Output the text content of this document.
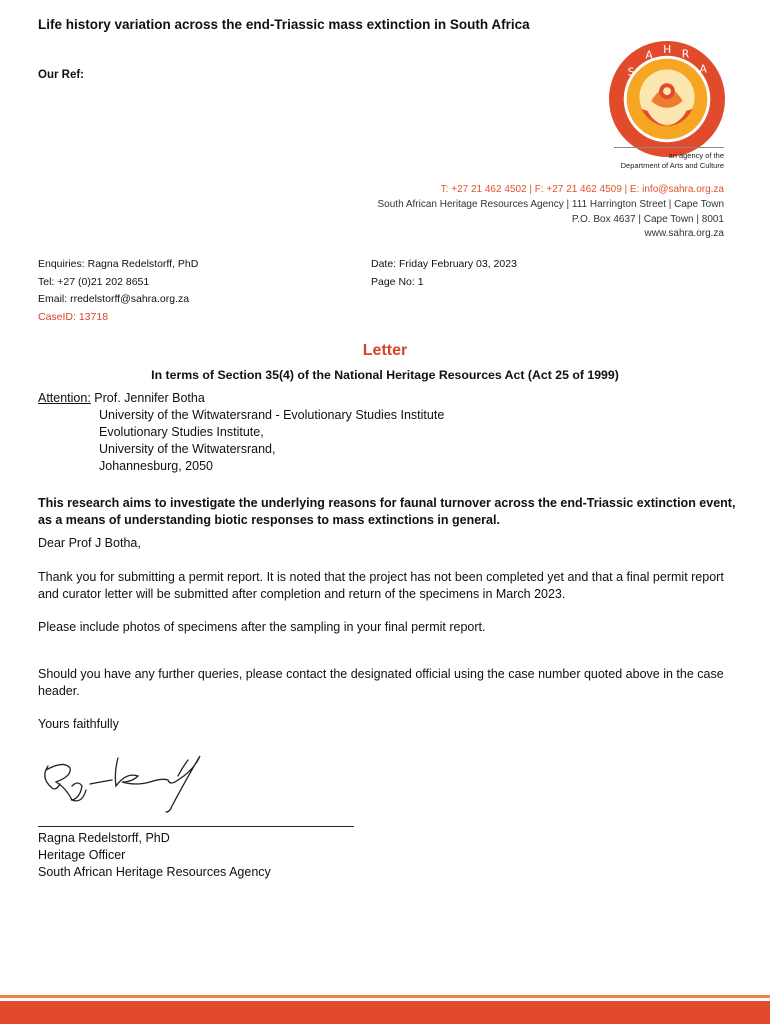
Life history variation across the end-Triassic mass extinction in South Africa
Our Ref:	S
A H R
A
an agency of the
Department of Arts and Culture
T: +27 21 462 4502 | F: +27 21 462 4509 | E: info@sahra.org.za
South African Heritage Resources Agency | 111 Harrington Street | Cape Town
P.O. Box 4637 | Cape Town | 8001
www.sahra.org.za
Enquiries: Ragna Redelstorff, PhD
Tel: +27 (0)21 202 8651
Email: rredelstorff@sahra.org.za
CaseID: 13718
Date: Friday February 03, 2023
Page No: 1
Letter
In terms of Section 35(4) of the National Heritage Resources Act (Act 25 of 1999)
Attention: Prof. Jennifer Botha
University of the Witwatersrand - Evolutionary Studies Institute
Evolutionary Studies Institute,
University of the Witwatersrand,
Johannesburg, 2050
This research aims to investigate the underlying reasons for faunal turnover across the end-Triassic extinction event, as a means of understanding biotic responses to mass extinctions in general.
Dear Prof J Botha,
Thank you for submitting a permit report. It is noted that the project has not been completed yet and that a final permit report and curator letter will be submitted after completion and return of the specimens in March 2023.
Please include photos of specimens after the sampling in your final permit report.
Should you have any further queries, please contact the designated official using the case number quoted above in the case header.
Yours faithfully
Ragna Redelstorff, PhD
Heritage Officer
South African Heritage Resources Agency
